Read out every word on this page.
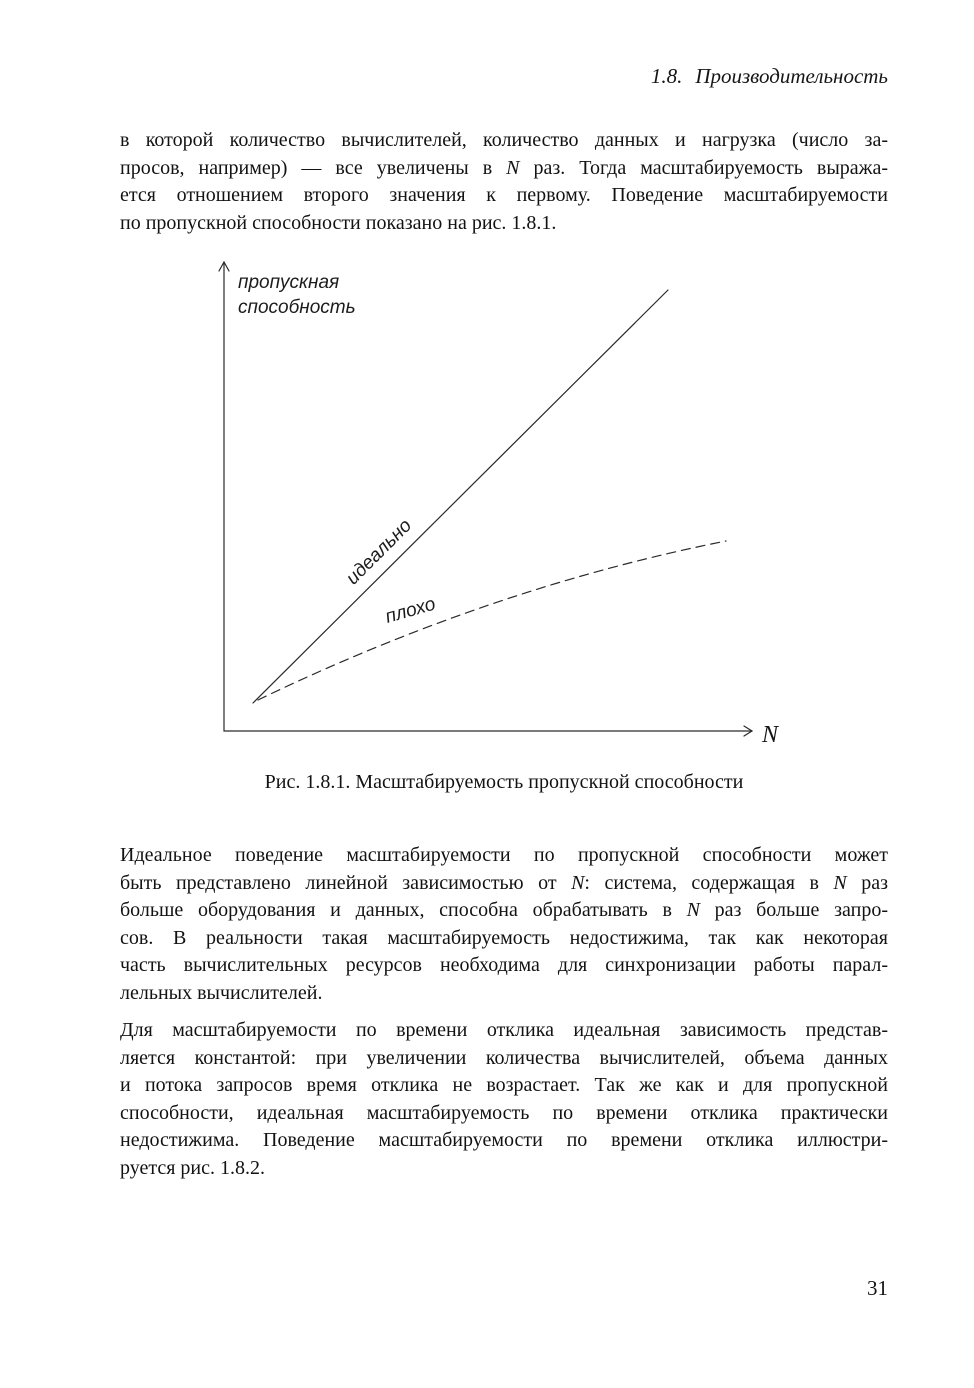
1.8. Производительность
в которой количество вычислителей, количество данных и нагрузка (число за-
просов, например) — все увеличены в N раз. Тогда масштабируемость выража-
ется отношением второго значения к первому. Поведение масштабируемости
по пропускной способности показано на рис. 1.8.1.
пропускная
способность
N
идеально
плохо
Рис. 1.8.1. Масштабируемость пропускной способности
Идеальное поведение масштабируемости по пропускной способности может
быть представлено линейной зависимостью от N: система, содержащая в N раз
больше оборудования и данных, способна обрабатывать в N раз больше запро-
сов. В реальности такая масштабируемость недостижима, так как некоторая
часть вычислительных ресурсов необходима для синхронизации работы парал-
лельных вычислителей.
Для масштабируемости по времени отклика идеальная зависимость представ-
ляется константой: при увеличении количества вычислителей, объема данных
и потока запросов время отклика не возрастает. Так же как и для пропускной
способности, идеальная масштабируемость по времени отклика практически
недостижима. Поведение масштабируемости по времени отклика иллюстри-
руется рис. 1.8.2.
31
